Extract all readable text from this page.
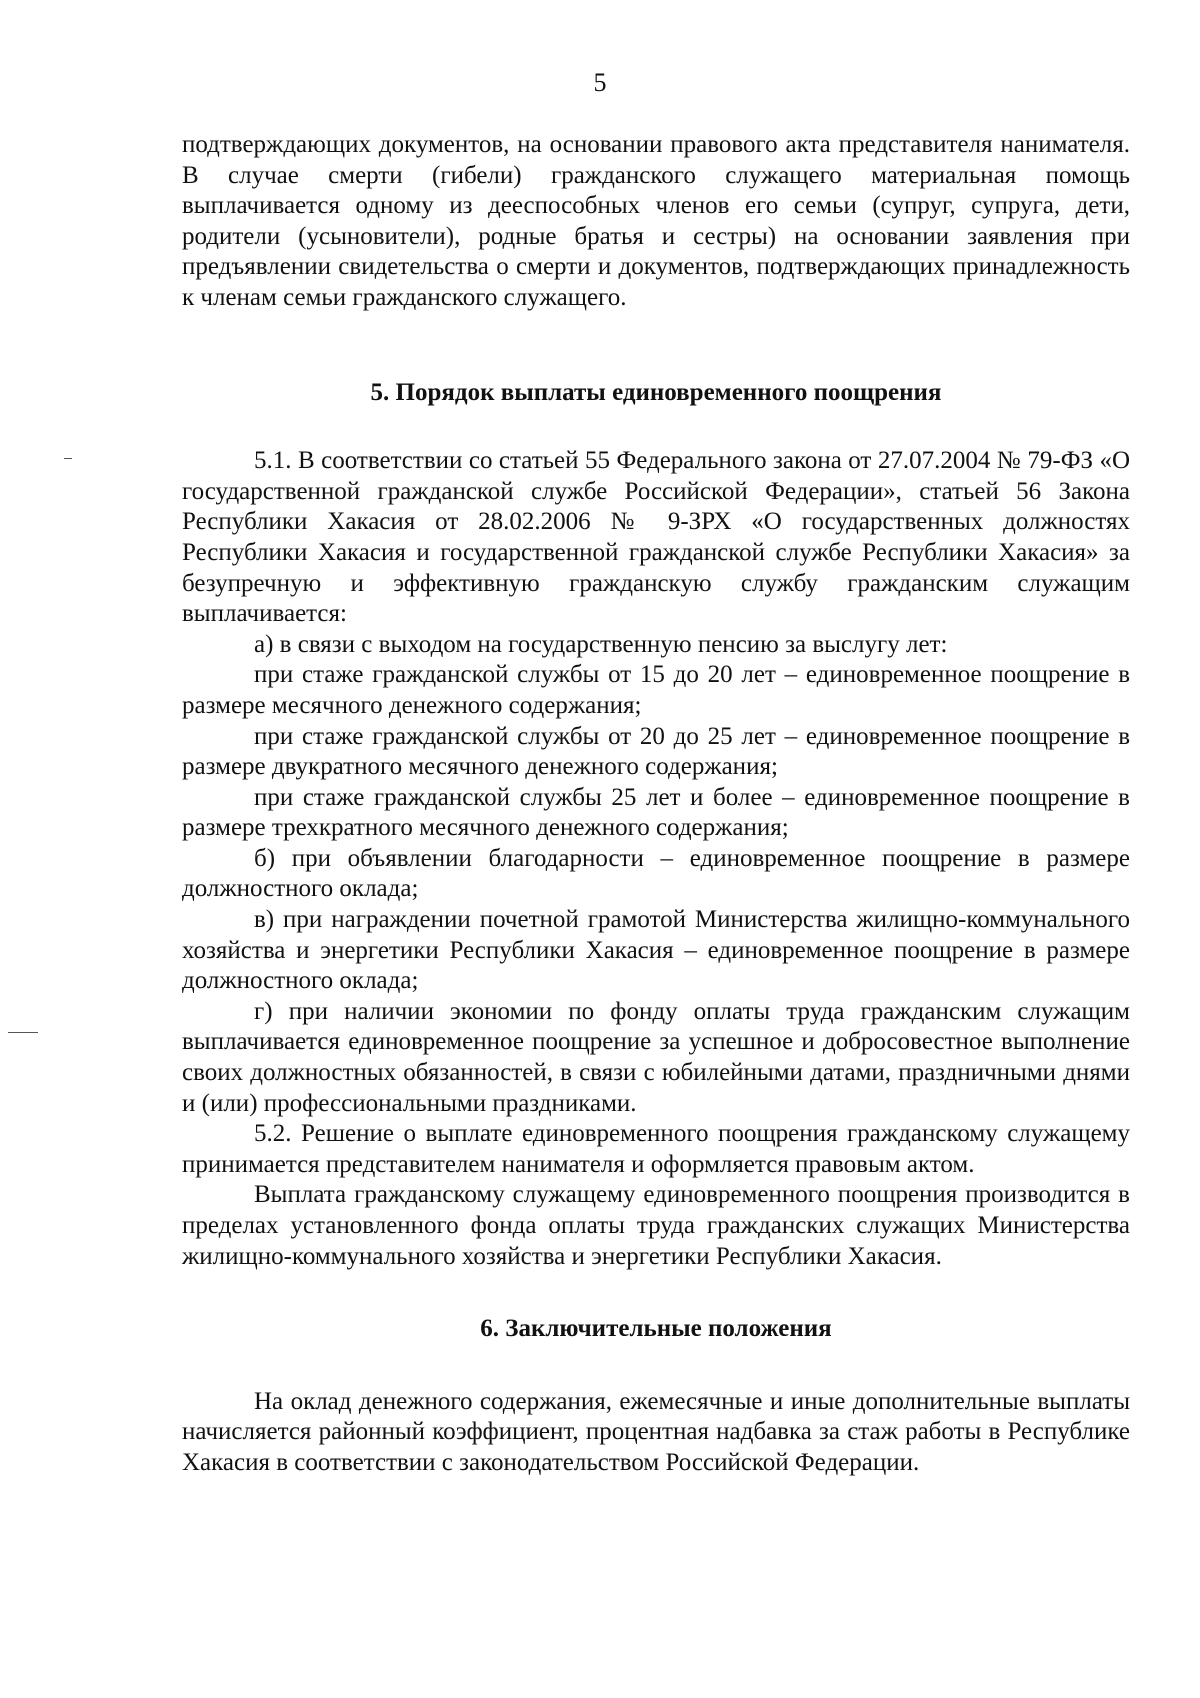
5

подтверждающих документов, на основании правового акта представителя нанимателя. В случае смерти (гибели) гражданского служащего материальная помощь выплачивается одному из дееспособных членов его семьи (супруг, супруга, дети, родители (усыновители), родные братья и сестры) на основании заявления при предъявлении свидетельства о смерти и документов, подтверждающих принадлежность к членам семьи гражданского служащего.

5. Порядок выплаты единовременного поощрения

5.1. В соответствии со статьей 55 Федерального закона от 27.07.2004 № 79-ФЗ «О государственной гражданской службе Российской Федерации», статьей 56 Закона Республики Хакасия от 28.02.2006 № 9-ЗРХ «О государственных должностях Республики Хакасия и государственной гражданской службе Республики Хакасия» за безупречную и эффективную гражданскую службу гражданским служащим выплачивается:

а) в связи с выходом на государственную пенсию за выслугу лет:

при стаже гражданской службы от 15 до 20 лет – единовременное поощрение в размере месячного денежного содержания;

при стаже гражданской службы от 20 до 25 лет – единовременное поощрение в размере двукратного месячного денежного содержания;

при стаже гражданской службы 25 лет и более – единовременное поощрение в размере трехкратного месячного денежного содержания;

б) при объявлении благодарности – единовременное поощрение в размере должностного оклада;

в) при награждении почетной грамотой Министерства жилищно-коммунального хозяйства и энергетики Республики Хакасия – единовременное поощрение в размере должностного оклада;

г) при наличии экономии по фонду оплаты труда гражданским служащим выплачивается единовременное поощрение за успешное и добросовестное выполнение своих должностных обязанностей, в связи с юбилейными датами, праздничными днями и (или) профессиональными праздниками.

5.2. Решение о выплате единовременного поощрения гражданскому служащему принимается представителем нанимателя и оформляется правовым актом.

Выплата гражданскому служащему единовременного поощрения производится в пределах установленного фонда оплаты труда гражданских служащих Министерства жилищно-коммунального хозяйства и энергетики Республики Хакасия.

6. Заключительные положения

На оклад денежного содержания, ежемесячные и иные дополнительные выплаты начисляется районный коэффициент, процентная надбавка за стаж работы в Республике Хакасия в соответствии с законодательством Российской Федерации.
